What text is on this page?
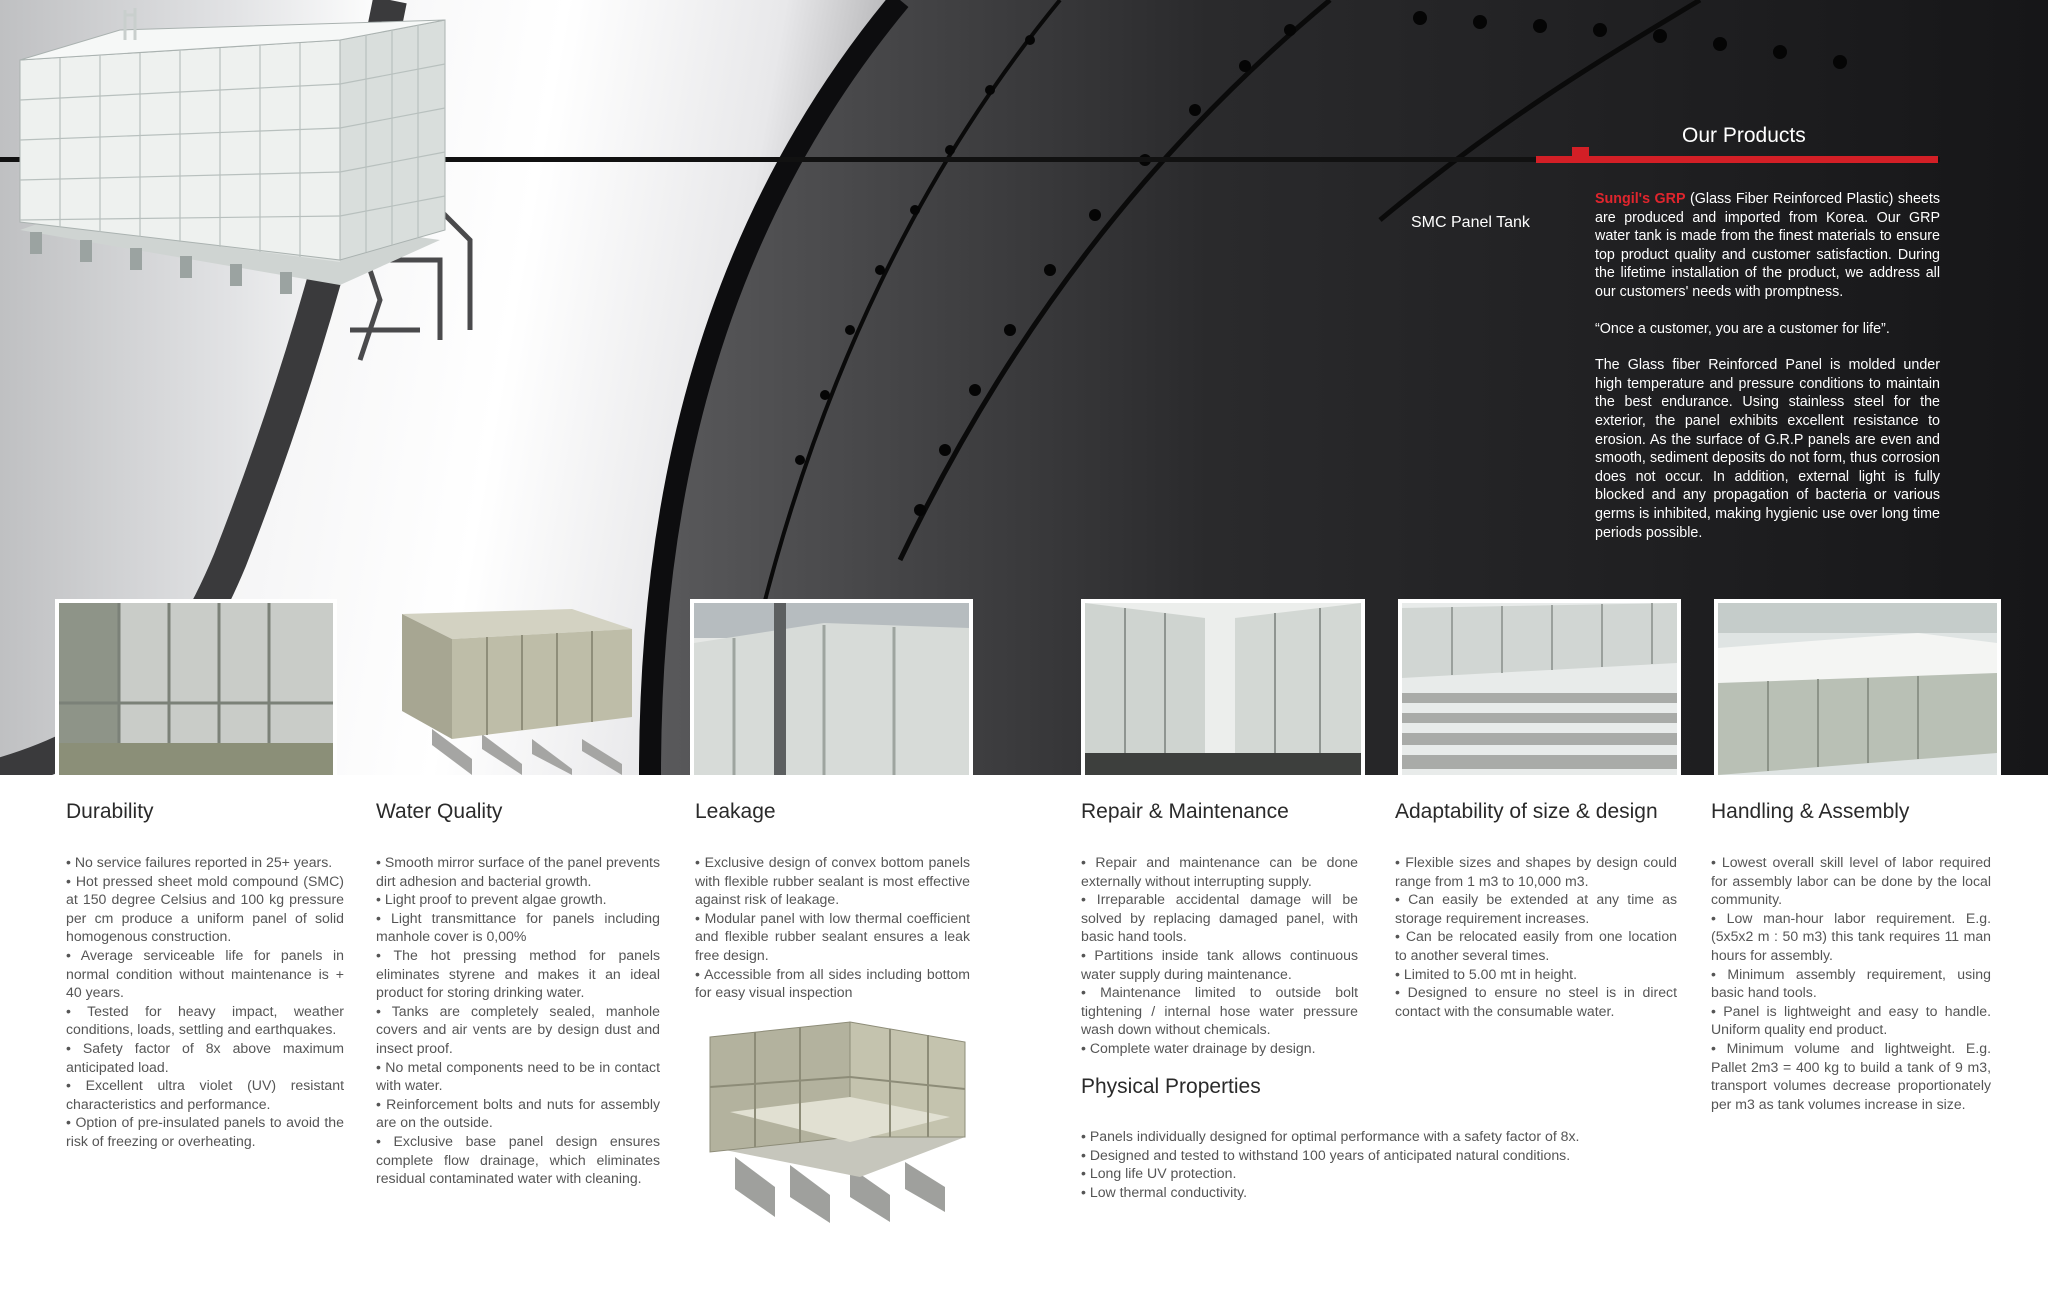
Our Products
SMC Panel Tank

Sungil's GRP (Glass Fiber Reinforced Plastic) sheets are produced and imported from Korea. Our GRP water tank is made from the finest materials to ensure top product quality and customer satisfaction. During the lifetime installation of the product, we address all our customers' needs with promptness.

“Once a customer, you are a customer for life”.

The Glass fiber Reinforced Panel is molded under high temperature and pressure conditions to maintain the best endurance. Using stainless steel for the exterior, the panel exhibits excellent resistance to erosion. As the surface of G.R.P panels are even and smooth, sediment deposits do not form, thus corrosion does not occur. In addition, external light is fully blocked and any propagation of bacteria or various germs is inhibited, making hygienic use over long time periods possible.

Durability	Water Quality	Leakage	Repair & Maintenance	Adaptability of size & design	Handling & Assembly
• No service failures reported in 25+ years.
• Hot pressed sheet mold compound (SMC) at 150 degree Celsius and 100 kg pressure per cm produce a uniform panel of solid homogenous construction.
• Average serviceable life for panels in normal condition without maintenance is + 40 years.
• Tested for heavy impact, weather conditions, loads, settling and earthquakes.
• Safety factor of 8x above maximum anticipated load.
• Excellent ultra violet (UV) resistant characteristics and performance.
• Option of pre-insulated panels to avoid the risk of freezing or overheating.
• Smooth mirror surface of the panel prevents dirt adhesion and bacterial growth.
• Light proof to prevent algae growth.
• Light transmittance for panels including manhole cover is 0,00%
• The hot pressing method for panels eliminates styrene and makes it an ideal product for storing drinking water.
• Tanks are completely sealed, manhole covers and air vents are by design dust and insect proof.
• No metal components need to be in contact with water.
• Reinforcement bolts and nuts for assembly are on the outside.
• Exclusive base panel design ensures complete flow drainage, which eliminates residual contaminated water with cleaning.
• Exclusive design of convex bottom panels with flexible rubber sealant is most effective against risk of leakage.
• Modular panel with low thermal coefficient and flexible rubber sealant ensures a leak free design.
• Accessible from all sides including bottom for easy visual inspection
• Repair and maintenance can be done externally without interrupting supply.
• Irreparable accidental damage will be solved by replacing damaged panel, with basic hand tools.
• Partitions inside tank allows continuous water supply during maintenance.
• Maintenance limited to outside bolt tightening / internal hose water pressure wash down without chemicals.
• Complete water drainage by design.
• Flexible sizes and shapes by design could range from 1 m3 to 10,000 m3.
• Can easily be extended at any time as storage requirement increases.
• Can be relocated easily from one location to another several times.
• Limited to 5.00 mt in height.
• Designed to ensure no steel is in direct contact with the consumable water.
• Lowest overall skill level of labor required for assembly labor can be done by the local community.
• Low man-hour labor requirement. E.g. (5x5x2 m : 50 m3) this tank requires 11 man hours for assembly.
• Minimum assembly requirement, using basic hand tools.
• Panel is lightweight and easy to handle. Uniform quality end product.
• Minimum volume and lightweight. E.g. Pallet 2m3 = 400 kg to build a tank of 9 m3, transport volumes decrease proportionately per m3 as tank volumes increase in size.
Physical Properties
• Panels individually designed for optimal performance with a safety factor of 8x.
• Designed and tested to withstand 100 years of anticipated natural conditions.
• Long life UV protection.
• Low thermal conductivity.
